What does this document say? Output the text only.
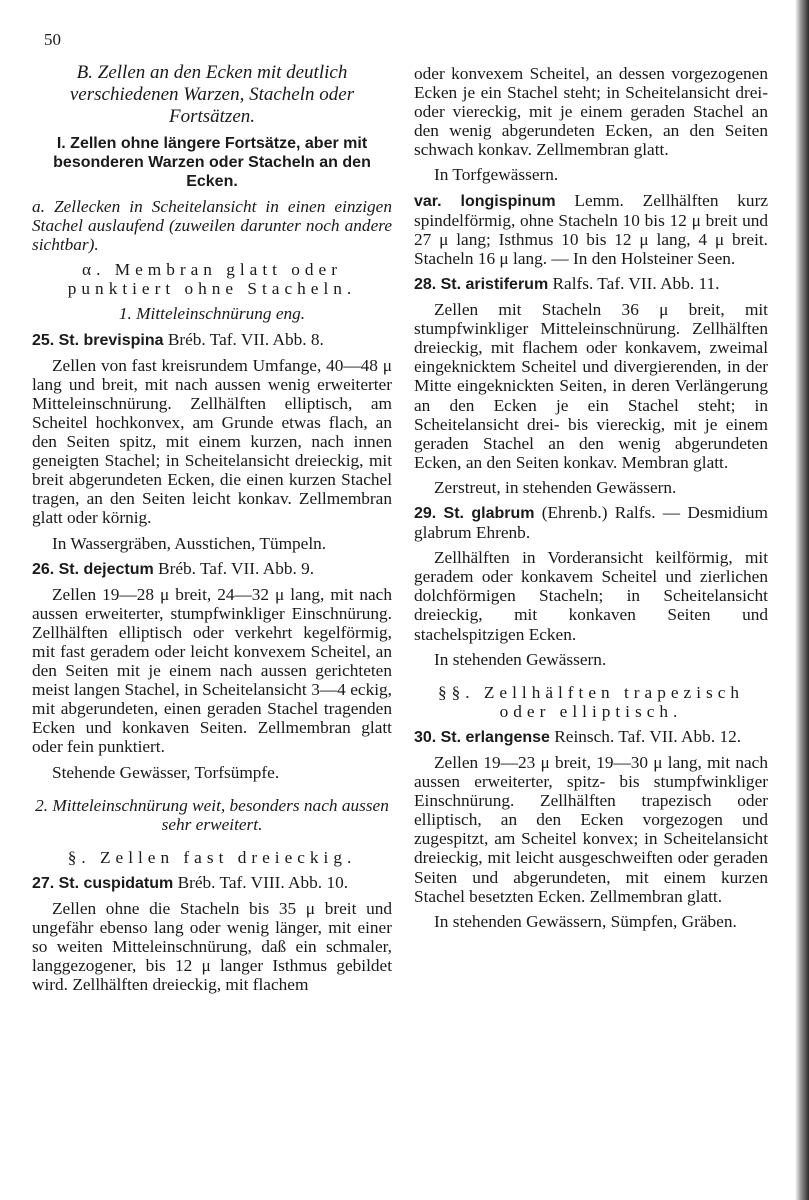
50

B. Zellen an den Ecken mit deutlich verschiedenen Warzen, Stacheln oder Fortsätzen.

I. Zellen ohne längere Fortsätze, aber mit besonderen Warzen oder Stacheln an den Ecken.

a. Zellecken in Scheitelansicht in einen einzigen Stachel auslaufend (zuweilen darunter noch andere sichtbar).

α. Membran glatt oder punktiert ohne Stacheln.

1. Mitteleinschnürung eng.

25. St. brevispina Bréb. Taf. VII. Abb. 8.

Zellen von fast kreisrundem Umfange, 40—48 μ lang und breit, mit nach aussen wenig erweiterter Mitteleinschnürung. Zellhälften elliptisch, am Scheitel hochkonvex, am Grunde etwas flach, an den Seiten spitz, mit einem kurzen, nach innen geneigten Stachel; in Scheitelansicht dreieckig, mit breit abgerundeten Ecken, die einen kurzen Stachel tragen, an den Seiten leicht konkav. Zellmembran glatt oder körnig.

In Wassergräben, Ausstichen, Tümpeln.

26. St. dejectum Bréb. Taf. VII. Abb. 9.

Zellen 19—28 μ breit, 24—32 μ lang, mit nach aussen erweiterter, stumpfwinkliger Einschnürung. Zellhälften elliptisch oder verkehrt kegelförmig, mit fast geradem oder leicht konvexem Scheitel, an den Seiten mit je einem nach aussen gerichteten meist langen Stachel, in Scheitelansicht 3—4 eckig, mit abgerundeten, einen geraden Stachel tragenden Ecken und konkaven Seiten. Zellmembran glatt oder fein punktiert.

Stehende Gewässer, Torfsümpfe.

2. Mitteleinschnürung weit, besonders nach aussen sehr erweitert.

§. Zellen fast dreieckig.

27. St. cuspidatum Bréb. Taf. VIII. Abb. 10.

Zellen ohne die Stacheln bis 35 μ breit und ungefähr ebenso lang oder wenig länger, mit einer so weiten Mitteleinschnürung, daß ein schmaler, langgezogener, bis 12 μ langer Isthmus gebildet wird. Zellhälften dreieckig, mit flachem

oder konvexem Scheitel, an dessen vorgezogenen Ecken je ein Stachel steht; in Scheitelansicht drei- oder viereckig, mit je einem geraden Stachel an den wenig abgerundeten Ecken, an den Seiten schwach konkav. Zellmembran glatt.

In Torfgewässern.

var. longispinum Lemm. Zellhälften kurz spindelförmig, ohne Stacheln 10 bis 12 μ breit und 27 μ lang; Isthmus 10 bis 12 μ lang, 4 μ breit. Stacheln 16 μ lang. — In den Holsteiner Seen.

28. St. aristiferum Ralfs. Taf. VII. Abb. 11.

Zellen mit Stacheln 36 μ breit, mit stumpfwinkliger Mitteleinschnürung. Zellhälften dreieckig, mit flachem oder konkavem, zweimal eingeknicktem Scheitel und divergierenden, in der Mitte eingeknickten Seiten, in deren Verlängerung an den Ecken je ein Stachel steht; in Scheitelansicht drei- bis viereckig, mit je einem geraden Stachel an den wenig abgerundeten Ecken, an den Seiten konkav. Membran glatt.

Zerstreut, in stehenden Gewässern.

29. St. glabrum (Ehrenb.) Ralfs. — Desmidium glabrum Ehrenb.

Zellhälften in Vorderansicht keilförmig, mit geradem oder konkavem Scheitel und zierlichen dolchförmigen Stacheln; in Scheitelansicht dreieckig, mit konkaven Seiten und stachelspitzigen Ecken.

In stehenden Gewässern.

§§. Zellhälften trapezisch oder elliptisch.

30. St. erlangense Reinsch. Taf. VII. Abb. 12.

Zellen 19—23 μ breit, 19—30 μ lang, mit nach aussen erweiterter, spitz- bis stumpfwinkliger Einschnürung. Zellhälften trapezisch oder elliptisch, an den Ecken vorgezogen und zugespitzt, am Scheitel konvex; in Scheitelansicht dreieckig, mit leicht ausgeschweiften oder geraden Seiten und abgerundeten, mit einem kurzen Stachel besetzten Ecken. Zellmembran glatt.

In stehenden Gewässern, Sümpfen, Gräben.
